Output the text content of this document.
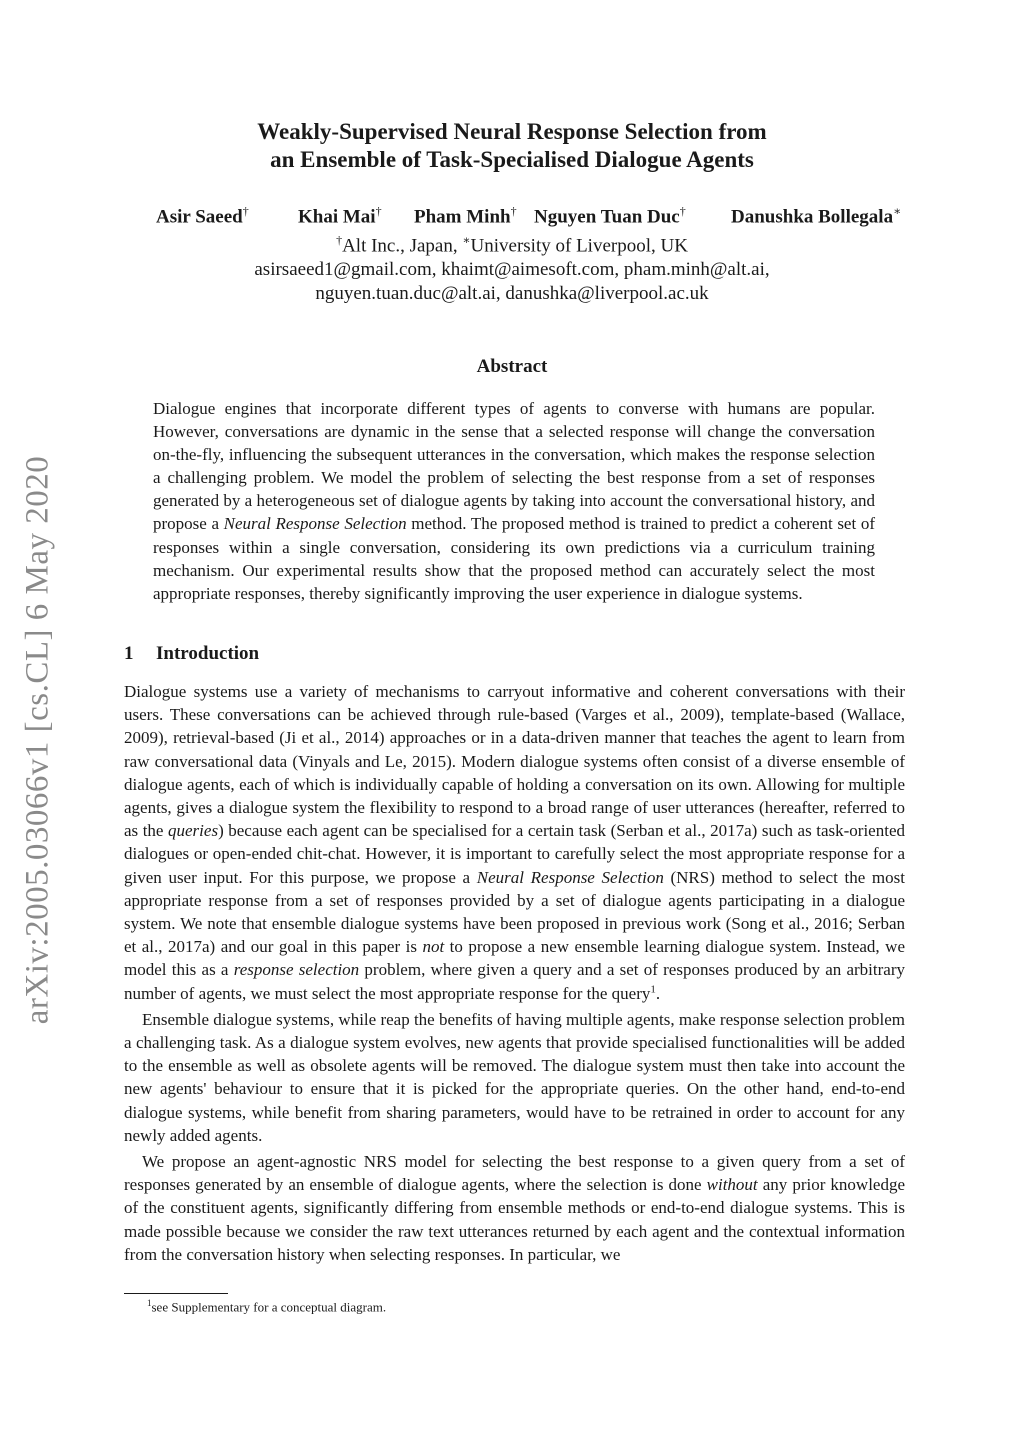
arXiv:2005.03066v1 [cs.CL] 6 May 2020
Weakly-Supervised Neural Response Selection from
an Ensemble of Task-Specialised Dialogue Agents
Asir Saeed†	Khai Mai† Pham Minh† Nguyen Tuan Duc† Danushka Bollegala∗
†Alt Inc., Japan, ∗University of Liverpool, UK
asirsaeed1@gmail.com, khaimt@aimesoft.com, pham.minh@alt.ai,
nguyen.tuan.duc@alt.ai, danushka@liverpool.ac.uk
Abstract
Dialogue engines that incorporate different types of agents to converse with humans are popular. However, conversations are dynamic in the sense that a selected response will change the conversation on-the-fly, influencing the subsequent utterances in the conversation, which makes the response selection a challenging problem. We model the problem of selecting the best response from a set of responses generated by a heterogeneous set of dialogue agents by taking into account the conversational history, and propose a Neural Response Selection method. The proposed method is trained to predict a coherent set of responses within a single conversation, considering its own predictions via a curriculum training mechanism. Our experimental results show that the proposed method can accurately select the most appropriate responses, thereby significantly improving the user experience in dialogue systems.
1 Introduction

Dialogue systems use a variety of mechanisms to carryout informative and coherent conversations with their users. These conversations can be achieved through rule-based (Varges et al., 2009), template-based (Wallace, 2009), retrieval-based (Ji et al., 2014) approaches or in a data-driven manner that teaches the agent to learn from raw conversational data (Vinyals and Le, 2015). Modern dialogue systems often consist of a diverse ensemble of dialogue agents, each of which is individually capable of holding a conversation on its own. Allowing for multiple agents, gives a dialogue system the flexibility to respond to a broad range of user utterances (hereafter, referred to as the queries) because each agent can be specialised for a certain task (Serban et al., 2017a) such as task-oriented dialogues or open-ended chit-chat. However, it is important to carefully select the most appropriate response for a given user input. For this purpose, we propose a Neural Response Selection (NRS) method to select the most appropriate response from a set of responses provided by a set of dialogue agents participating in a dialogue system. We note that ensemble dialogue systems have been proposed in previous work (Song et al., 2016; Serban et al., 2017a) and our goal in this paper is not to propose a new ensemble learning dialogue system. Instead, we model this as a response selection problem, where given a query and a set of responses produced by an arbitrary number of agents, we must select the most appropriate response for the query$^1$.

Ensemble dialogue systems, while reap the benefits of having multiple agents, make response selection problem a challenging task. As a dialogue system evolves, new agents that provide specialised functionalities will be added to the ensemble as well as obsolete agents will be removed. The dialogue system must then take into account the new agents' behaviour to ensure that it is picked for the appropriate queries. On the other hand, end-to-end dialogue systems, while benefit from sharing parameters, would have to be retrained in order to account for any newly added agents.

We propose an agent-agnostic NRS model for selecting the best response to a given query from a set of responses generated by an ensemble of dialogue agents, where the selection is done without any prior knowledge of the constituent agents, significantly differing from ensemble methods or end-to-end dialogue systems. This is made possible because we consider the raw text utterances returned by each agent and the contextual information from the conversation history when selecting responses. In particular, we

$^1$see Supplementary for a conceptual diagram.
